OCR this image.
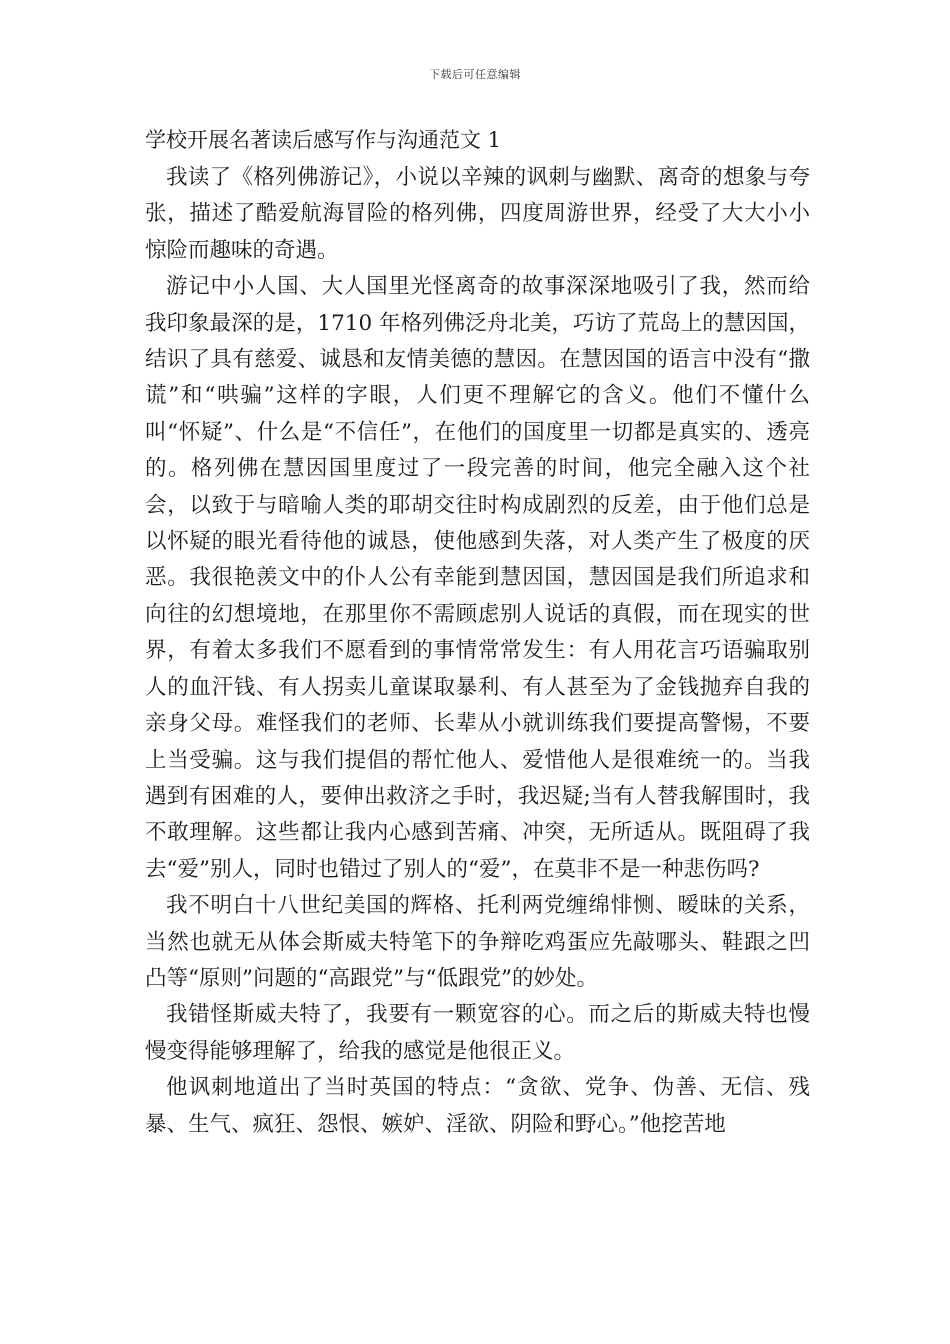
下载后可任意编辑
学校开展名著读后感写作与沟通范文 1

我读了《格列佛游记》，小说以辛辣的讽刺与幽默、离奇的想象与夸张，描述了酷爱航海冒险的格列佛，四度周游世界，经受了大大小小惊险而趣味的奇遇。

游记中小人国、大人国里光怪离奇的故事深深地吸引了我，然而给我印象最深的是，1710 年格列佛泛舟北美，巧访了荒岛上的慧因国，结识了具有慈爱、诚恳和友情美德的慧因。在慧因国的语言中没有“撒谎”和“哄骗”这样的字眼，人们更不理解它的含义。他们不懂什么叫“怀疑”、什么是“不信任”，在他们的国度里一切都是真实的、透亮　的。格列佛在慧因国里度过了一段完善的时间，他完全融入这个社会，以致于与暗喻人类的耶胡交往时构成剧烈的反差，由于他们总是以怀疑的眼光看待他的诚恳，使他感到失落，对人类产生了极度的厌恶。我很艳羡文中的仆人公有幸能到慧因国，慧因国是我们所追求和向往的幻想境地，在那里你不需顾虑别人说话的真假，而在现实的世界，有着太多我们不愿看到的事情常常发生：有人用花言巧语骗取别人的血汗钱、有人拐卖儿童谋取暴利、有人甚至为了金钱抛弃自我的亲身父母。难怪我们的老师、长辈从小就训练我们要提高警惕，不要上当受骗。这与我们提倡的帮忙他人、爱惜他人是很难统一的。当我遇到有困难的人，要伸出救济之手时，我迟疑;当有人替我解围时，我不敢理解。这些都让我内心感到苦痛、冲突，无所适从。既阻碍了我去“爱”别人，同时也错过了别人的“爱”，在莫非不是一种悲伤吗?

我不明白十八世纪美国的辉格、托利两党缠绵悱恻、暧昧的关系，当然也就无从体会斯威夫特笔下的争辩吃鸡蛋应先敲哪头、鞋跟之凹凸等“原则”问题的“高跟党”与“低跟党”的妙处。

我错怪斯威夫特了，我要有一颗宽容的心。而之后的斯威夫特也慢慢变得能够理解了，给我的感觉是他很正义。

他讽刺地道出了当时英国的特点：“贪欲、党争、伪善、无信、残暴、生气、疯狂、怨恨、嫉妒、淫欲、阴险和野心。”他挖苦地
